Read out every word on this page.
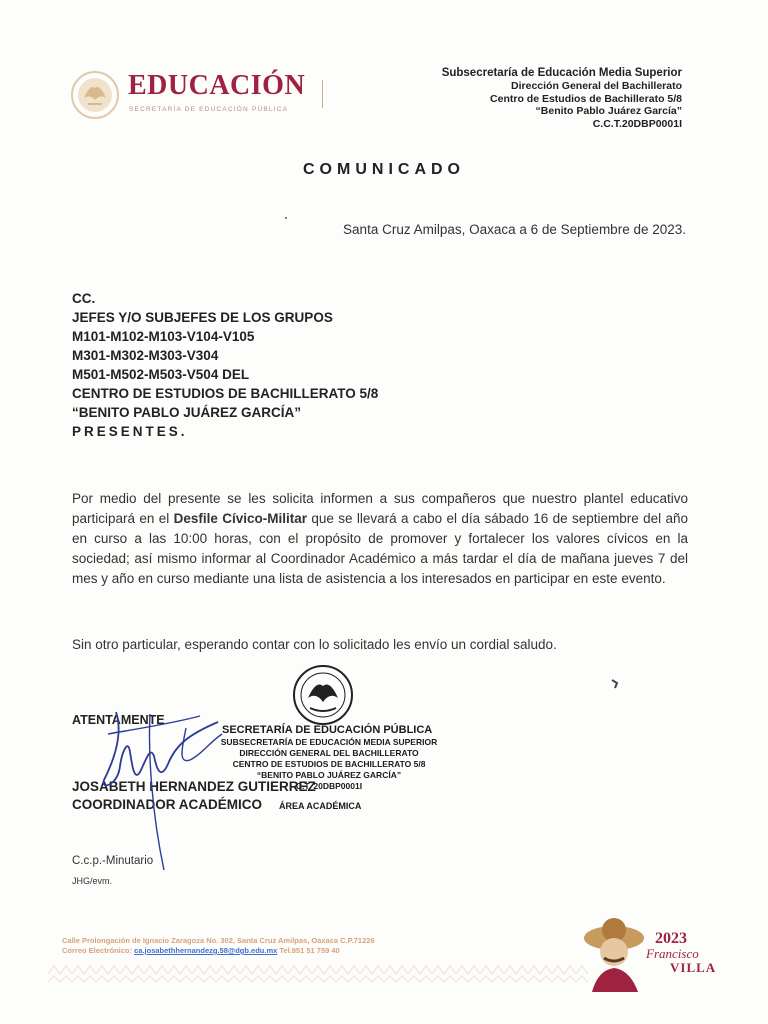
EDUCACIÓN
SECRETARÍA DE EDUCACIÓN PÚBLICA
Subsecretaría de Educación Media Superior
Dirección General del Bachillerato
Centro de Estudios de Bachillerato 5/8
“Benito Pablo Juárez García”
C.C.T.20DBP0001I
COMUNICADO
Santa Cruz Amilpas, Oaxaca a 6 de Septiembre de 2023.
CC.
JEFES Y/O SUBJEFES DE LOS GRUPOS
M101-M102-M103-V104-V105
M301-M302-M303-V304
M501-M502-M503-V504 DEL
CENTRO DE ESTUDIOS DE BACHILLERATO 5/8
“BENITO PABLO JUÁREZ GARCÍA”
PRESENTES.
Por medio del presente se les solicita informen a sus compañeros que nuestro plantel educativo participará en el Desfile Cívico-Militar que se llevará a cabo el día sábado 16 de septiembre del año en curso a las 10:00 horas, con el propósito de promover y fortalecer los valores cívicos en la sociedad; así mismo informar al Coordinador Académico a más tardar el día de mañana jueves 7 del mes y año en curso mediante una lista de asistencia a los interesados en participar en este evento.
Sin otro particular, esperando contar con lo solicitado les envío un cordial saludo.
SECRETARÍA DE EDUCACIÓN PÚBLICA
SUBSECRETARÍA DE EDUCACIÓN MEDIA SUPERIOR
DIRECCIÓN GENERAL DEL BACHILLERATO
CENTRO DE ESTUDIOS DE BACHILLERATO 5/8
“BENITO PABLO JUÁREZ GARCÍA”
C.T. 20DBP0001I
ÁREA ACADÉMICA
ATENTAMENTE
JOSABETH HERNANDEZ GUTIERREZ
COORDINADOR ACADÉMICO
C.c.p.-Minutario
JHG/evm.
Calle Prolongación de Ignacio Zaragoza No. 302, Santa Cruz Amilpas, Oaxaca C.P.71226
Correo Electrónico: ca.josabethhernandezg.58@dgb.edu.mx Tel.951 51 759 40
2023
Francisco
VILLA
